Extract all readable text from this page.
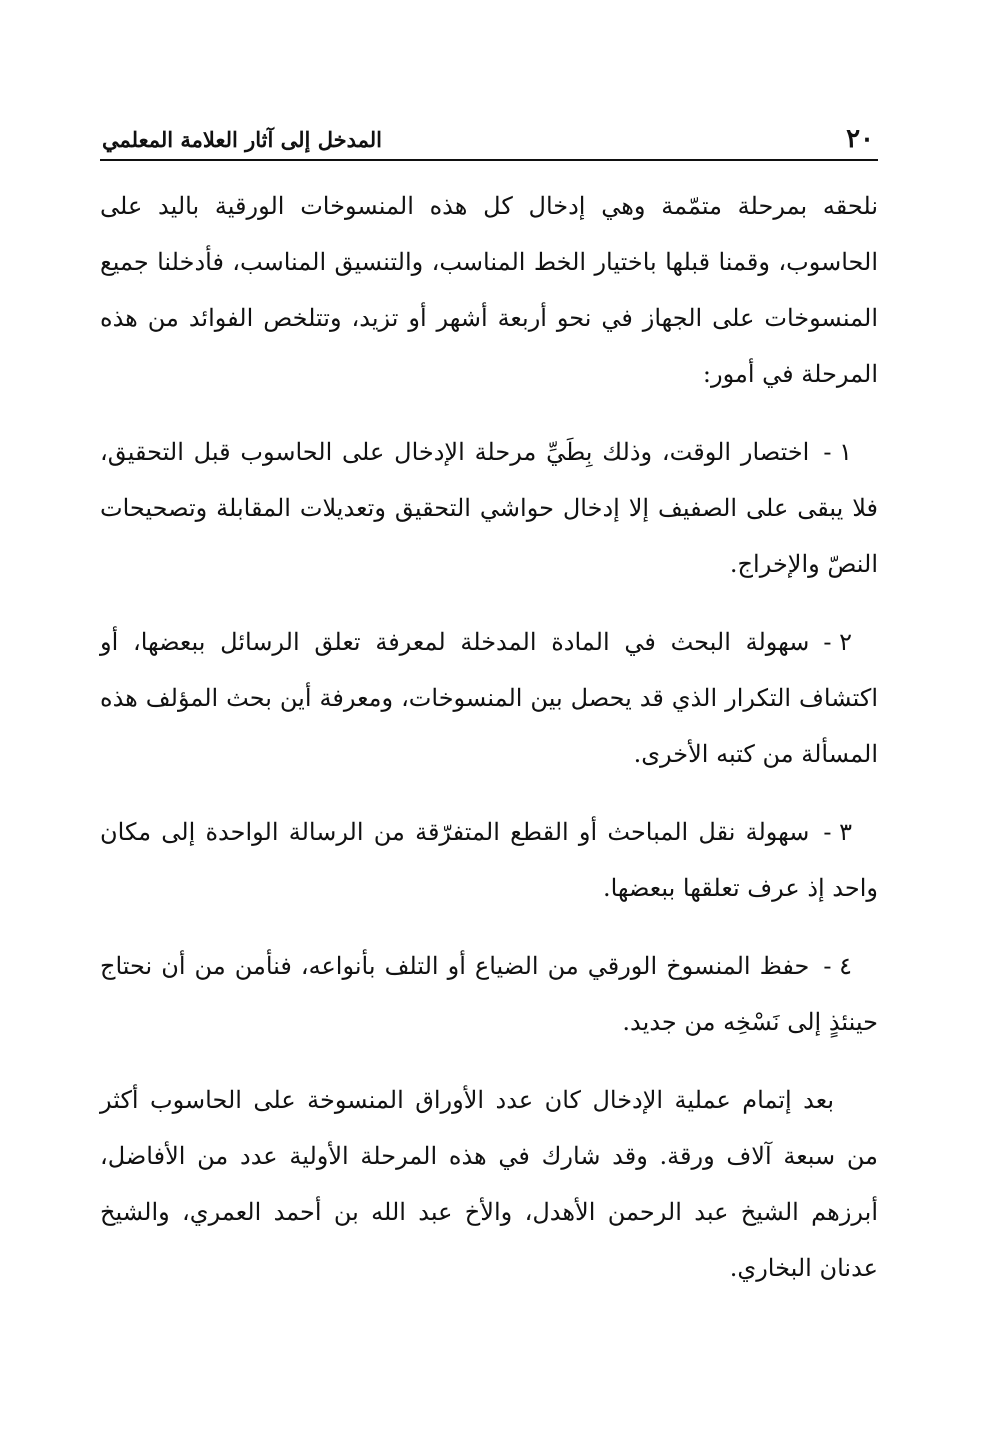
٢٠
المدخل إلى آثار العلامة المعلمي

نلحقه بمرحلة متمّمة وهي إدخال كل هذه المنسوخات الورقية باليد على الحاسوب، وقمنا قبلها باختيار الخط المناسب، والتنسيق المناسب، فأدخلنا جميع المنسوخات على الجهاز في نحو أربعة أشهر أو تزيد، وتتلخص الفوائد من هذه المرحلة في أمور:

١ -اختصار الوقت، وذلك بِطَيِّ مرحلة الإدخال على الحاسوب قبل التحقيق، فلا يبقى على الصفيف إلا إدخال حواشي التحقيق وتعديلات المقابلة وتصحيحات النصّ والإخراج.

٢ -سهولة البحث في المادة المدخلة لمعرفة تعلق الرسائل ببعضها، أو اكتشاف التكرار الذي قد يحصل بين المنسوخات، ومعرفة أين بحث المؤلف هذه المسألة من كتبه الأخرى.

٣ -سهولة نقل المباحث أو القطع المتفرّقة من الرسالة الواحدة إلى مكان واحد إذ عرف تعلقها ببعضها.

٤ -حفظ المنسوخ الورقي من الضياع أو التلف بأنواعه، فنأمن من أن نحتاج حينئذٍ إلى نَسْخِه من جديد.

بعد إتمام عملية الإدخال كان عدد الأوراق المنسوخة على الحاسوب أكثر من سبعة آلاف ورقة. وقد شارك في هذه المرحلة الأولية عدد من الأفاضل، أبرزهم الشيخ عبد الرحمن الأهدل، والأخ عبد الله بن أحمد العمري، والشيخ عدنان البخاري.
